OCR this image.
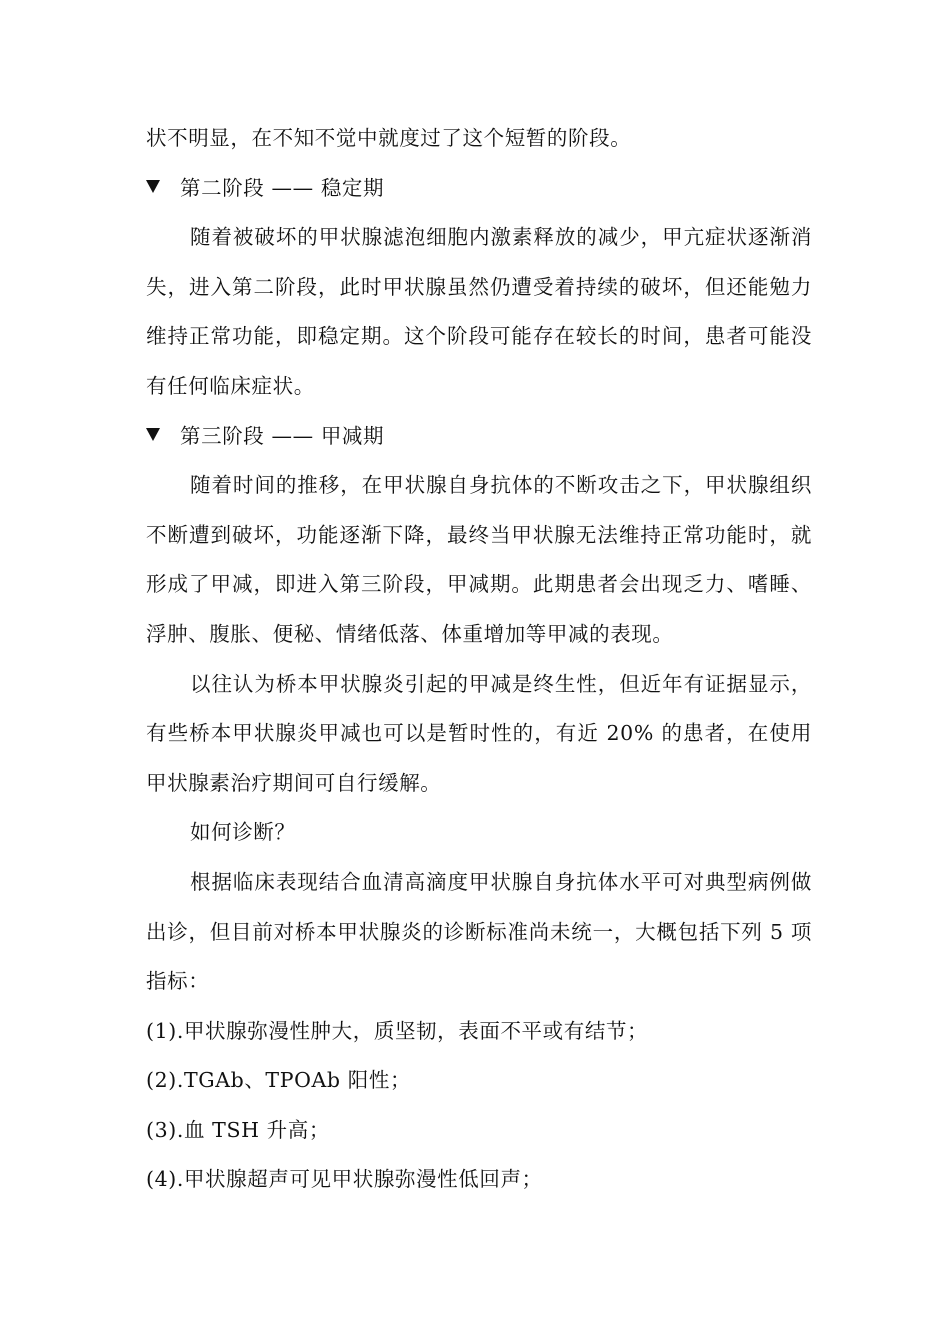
状不明显，在不知不觉中就度过了这个短暂的阶段。

第二阶段 —— 稳定期

随着被破坏的甲状腺滤泡细胞内激素释放的减少，甲亢症状逐渐消失，进入第二阶段，此时甲状腺虽然仍遭受着持续的破坏，但还能勉力维持正常功能，即稳定期。这个阶段可能存在较长的时间，患者可能没有任何临床症状。

第三阶段 —— 甲减期

随着时间的推移，在甲状腺自身抗体的不断攻击之下，甲状腺组织不断遭到破坏，功能逐渐下降，最终当甲状腺无法维持正常功能时，就形成了甲减，即进入第三阶段，甲减期。此期患者会出现乏力、嗜睡、浮肿、腹胀、便秘、情绪低落、体重增加等甲减的表现。

以往认为桥本甲状腺炎引起的甲减是终生性，但近年有证据显示，有些桥本甲状腺炎甲减也可以是暂时性的，有近 20% 的患者，在使用甲状腺素治疗期间可自行缓解。

如何诊断？

根据临床表现结合血清高滴度甲状腺自身抗体水平可对典型病例做出诊，但目前对桥本甲状腺炎的诊断标准尚未统一，大概包括下列 5 项指标：

(1).甲状腺弥漫性肿大，质坚韧，表面不平或有结节；

(2).TGAb、TPOAb 阳性；

(3).血 TSH 升高；

(4).甲状腺超声可见甲状腺弥漫性低回声；
